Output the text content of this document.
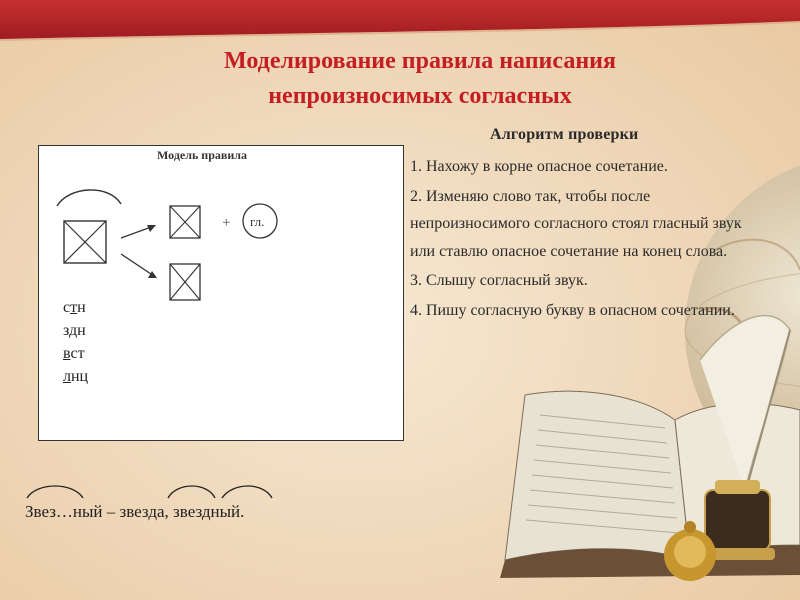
Моделирование правила написания
непроизносимых согласных
Модель правила
+ гл.
стн
здн
вст
лнц
Алгоритм проверки
1. Нахожу в корне опасное сочетание.
2. Изменяю слово так, чтобы после непроизносимого согласного стоял гласный звук или ставлю опасное сочетание на конец слова.
3. Слышу согласный звук.
4. Пишу согласную букву в опасном сочетании.
Звез…ный – звезда, звездный.
